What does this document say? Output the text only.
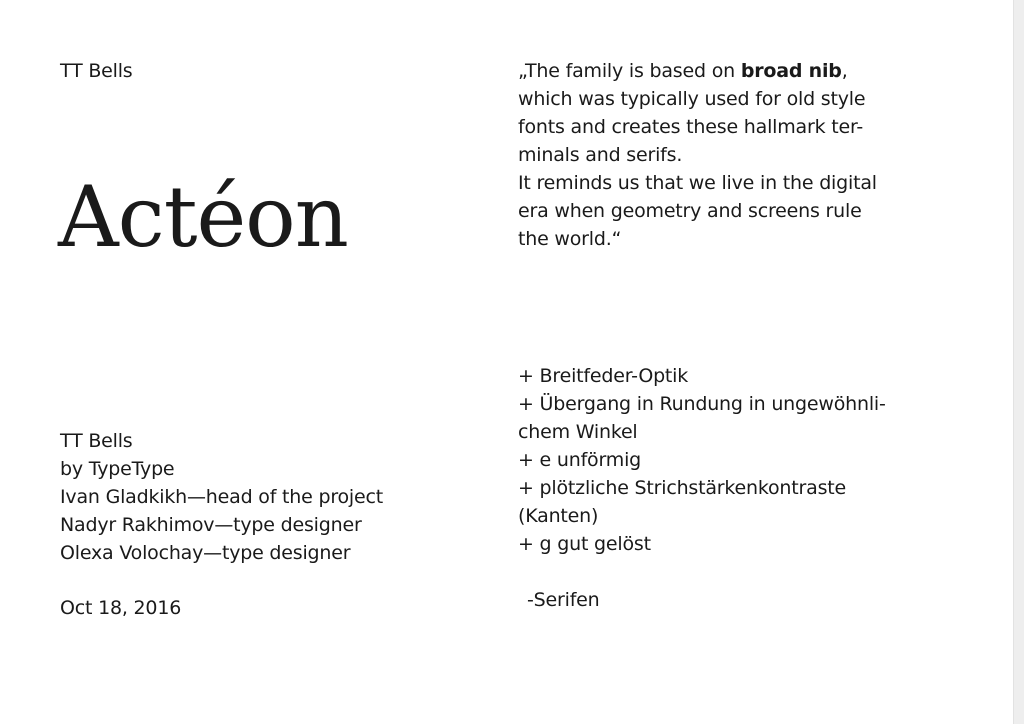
TT Bells
Actéon
TT Bells
by TypeType
Ivan Gladkikh—head of the project
Nadyr Rakhimov—type designer
Olexa Volochay—type designer
Oct 18, 2016
„The family is based on broad nib,
which was typically used for old style
fonts and creates these hallmark ter-
minals and serifs.
It reminds us that we live in the digital
era when geometry and screens rule
the world.“
+ Breitfeder-Optik
+ Übergang in Rundung in ungewöhnli-
chem Winkel
+ e unförmig
+ plötzliche Strichstärkenkontraste
(Kanten)
+ g gut gelöst
-Serifen
